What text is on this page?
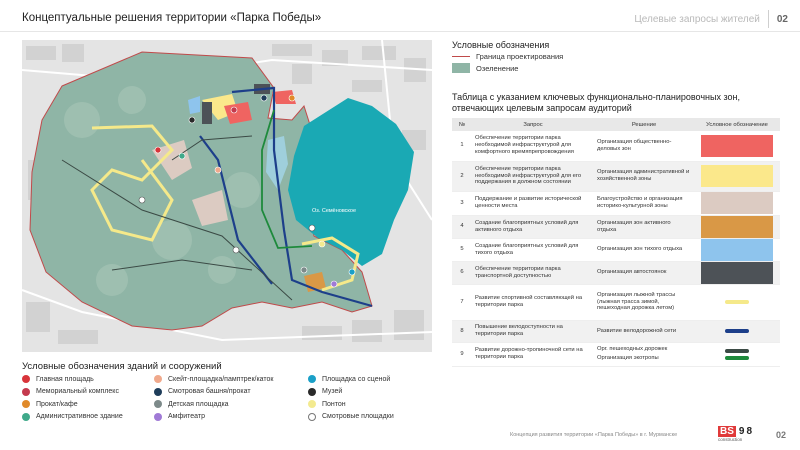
Концептуальные решения территории «Парка Победы»	Целевые запросы жителей	02
Оз. Семёновское
Условные обозначения
Граница проектирования
Озеленение
Таблица с указанием ключевых функционально-планировочных зон, отвечающих целевым запросам аудиторий
№	Запрос	Решение	Условное обозначение
1	Обеспечение территории парка необходимой инфраструктурой для комфортного времяпрепровождения	Организация общественно-деловых зон	

2	Обеспечение территории парка необходимой инфраструктурой для его поддержания в должном состоянии	Организация административной и хозяйственной зоны	

3	Поддержание и развитие исторической ценности места	Благоустройство и организация историко-культурной зоны	

4	Создание благоприятных условий для активного отдыха	Организация зон активного отдыха	

5	Создание благоприятных условий для тихого отдыха	Организация зон тихого отдыха	

6	Обеспечение территории парка транспортной доступностью	Организация автостоянок	

7	Развитие спортивной составляющей на территории парка	Организация лыжной трассы (лыжная трасса зимой, пешеходная дорожка летом)	

8	Повышение велодоступности на территории парка	Развитие велодорожной сети	

9	Развитие дорожно-тропиночной сети на территории парка	Орг. пешеходных дорожек
Организация экотропы	

Условные обозначения зданий и сооружений
Главная площадь
Мемориальный комплекс
Прокат/кафе
Административное здание
Скейт-площадка/памптрек/каток
Смотровая башня/прокат
Детская площадка
Амфитеатр
Площадка со сценой
Музей
Понтон
Смотровые площадки
Концепция развития территории «Парка Победы» в г. Мурманске	BS 98
construction	02
